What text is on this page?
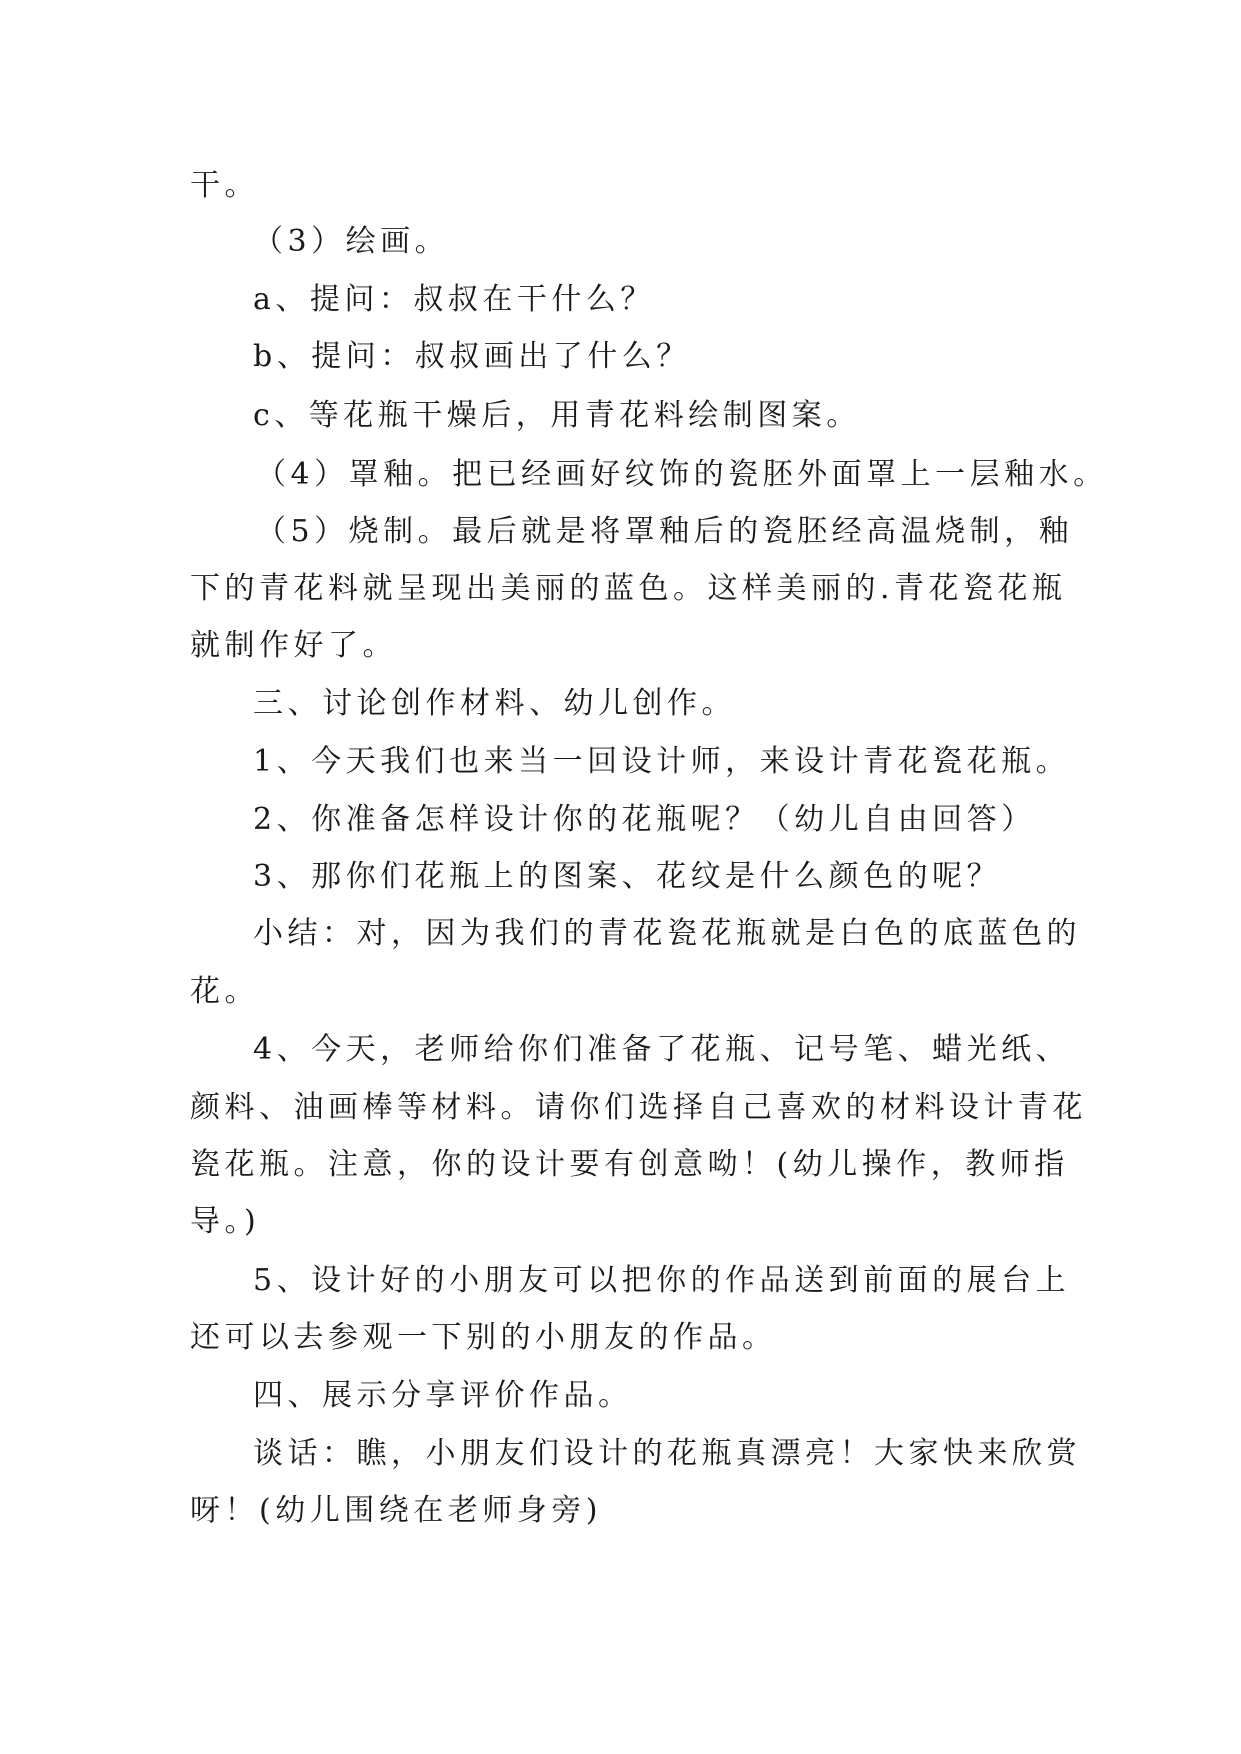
干。
（3）绘画。
a、提问：叔叔在干什么？
b、提问：叔叔画出了什么？
c、等花瓶干燥后，用青花料绘制图案。
（4）罩釉。把已经画好纹饰的瓷胚外面罩上一层釉水。
（5）烧制。最后就是将罩釉后的瓷胚经高温烧制，釉
下的青花料就呈现出美丽的蓝色。这样美丽的.青花瓷花瓶
就制作好了。
三、讨论创作材料、幼儿创作。
1、今天我们也来当一回设计师，来设计青花瓷花瓶。
2、你准备怎样设计你的花瓶呢？（幼儿自由回答）
3、那你们花瓶上的图案、花纹是什么颜色的呢？
小结：对，因为我们的青花瓷花瓶就是白色的底蓝色的
花。
4、今天，老师给你们准备了花瓶、记号笔、蜡光纸、
颜料、油画棒等材料。请你们选择自己喜欢的材料设计青花
瓷花瓶。注意，你的设计要有创意呦！(幼儿操作，教师指
导。)
5、设计好的小朋友可以把你的作品送到前面的展台上
还可以去参观一下别的小朋友的作品。
四、展示分享评价作品。
谈话：瞧，小朋友们设计的花瓶真漂亮！大家快来欣赏
呀！(幼儿围绕在老师身旁)
